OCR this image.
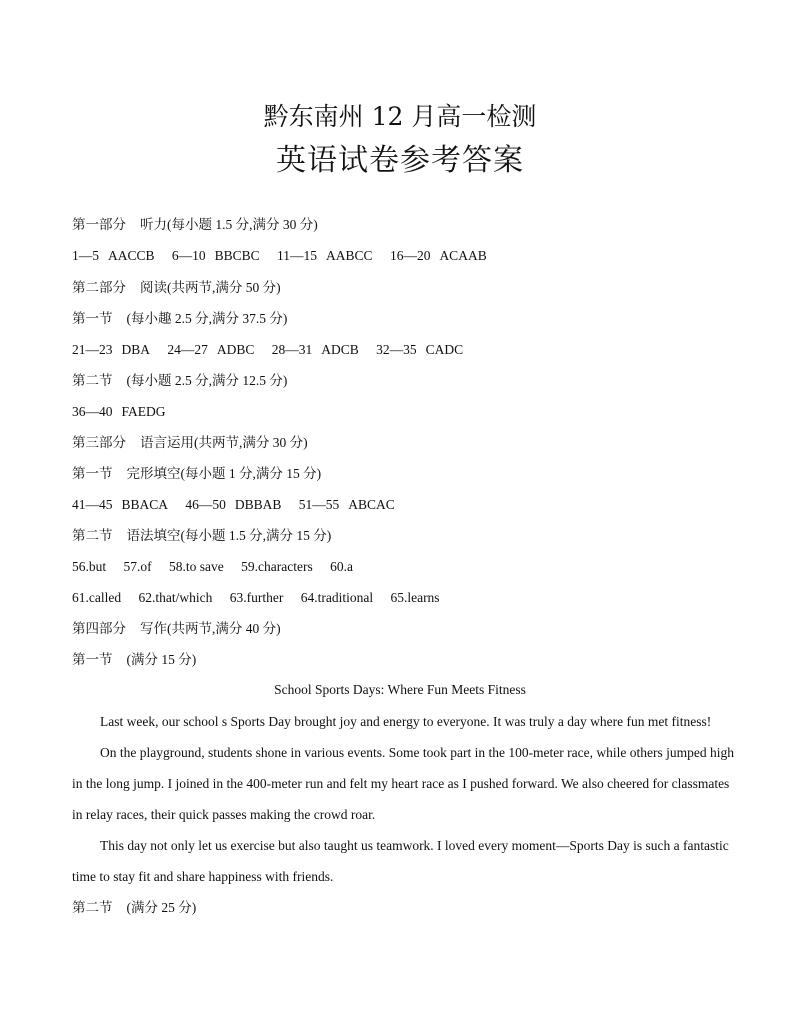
黔东南州 12 月高一检测
英语试卷参考答案
第一部分 听力(每小题 1.5 分,满分 30 分)
1—5 AACCB 6—10 BBCBC 11—15 AABCC 16—20 ACAAB
第二部分 阅读(共两节,满分 50 分)
第一节 (每小趣 2.5 分,满分 37.5 分)
21—23 DBA 24—27 ADBC 28—31 ADCB 32—35 CADC
第二节 (每小题 2.5 分,满分 12.5 分)
36—40 FAEDG
第三部分 语言运用(共两节,满分 30 分)
第一节 完形填空(每小题 1 分,满分 15 分)
41—45 BBACA 46—50 DBBAB 51—55 ABCAC
第二节 语法填空(每小题 1.5 分,满分 15 分)
56.but 57.of 58.to save 59.characters 60.a
61.called 62.that/which 63.further 64.traditional 65.learns
第四部分 写作(共两节,满分 40 分)
第一节 (满分 15 分)
School Sports Days: Where Fun Meets Fitness

Last week, our school s Sports Day brought joy and energy to everyone. It was truly a day where fun met fitness!

On the playground, students shone in various events. Some took part in the 100-meter race, while others jumped high in the long jump. I joined in the 400-meter run and felt my heart race as I pushed forward. We also cheered for classmates in relay races, their quick passes making the crowd roar.

This day not only let us exercise but also taught us teamwork. I loved every moment—Sports Day is such a fantastic time to stay fit and share happiness with friends.

第二节 (满分 25 分)
